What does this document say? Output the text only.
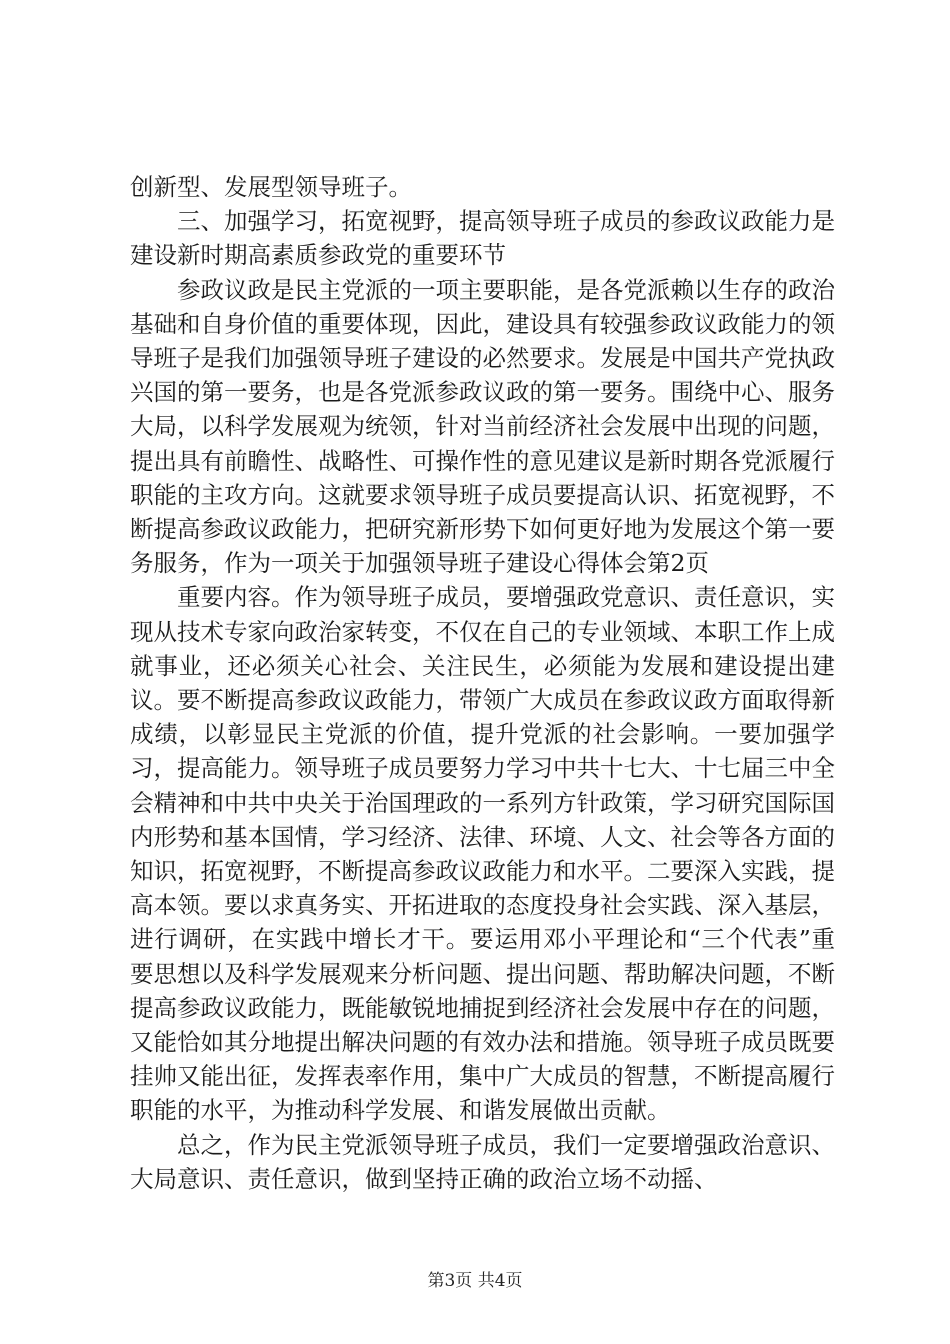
创新型、发展型领导班子。

三、加强学习，拓宽视野，提高领导班子成员的参政议政能力是建设新时期高素质参政党的重要环节

参政议政是民主党派的一项主要职能，是各党派赖以生存的政治基础和自身价值的重要体现，因此，建设具有较强参政议政能力的领导班子是我们加强领导班子建设的必然要求。发展是中国共产党执政兴国的第一要务，也是各党派参政议政的第一要务。围绕中心、服务大局，以科学发展观为统领，针对当前经济社会发展中出现的问题，提出具有前瞻性、战略性、可操作性的意见建议是新时期各党派履行职能的主攻方向。这就要求领导班子成员要提高认识、拓宽视野，不断提高参政议政能力，把研究新形势下如何更好地为发展这个第一要务服务，作为一项关于加强领导班子建设心得体会第2页

重要内容。作为领导班子成员，要增强政党意识、责任意识，实现从技术专家向政治家转变，不仅在自己的专业领域、本职工作上成就事业，还必须关心社会、关注民生，必须能为发展和建设提出建议。要不断提高参政议政能力，带领广大成员在参政议政方面取得新成绩，以彰显民主党派的价值，提升党派的社会影响。一要加强学习，提高能力。领导班子成员要努力学习中共十七大、十七届三中全会精神和中共中央关于治国理政的一系列方针政策，学习研究国际国内形势和基本国情，学习经济、法律、环境、人文、社会等各方面的知识，拓宽视野，不断提高参政议政能力和水平。二要深入实践，提高本领。要以求真务实、开拓进取的态度投身社会实践、深入基层，进行调研，在实践中增长才干。要运用邓小平理论和“三个代表”重要思想以及科学发展观来分析问题、提出问题、帮助解决问题，不断提高参政议政能力，既能敏锐地捕捉到经济社会发展中存在的问题，又能恰如其分地提出解决问题的有效办法和措施。领导班子成员既要挂帅又能出征，发挥表率作用，集中广大成员的智慧，不断提高履行职能的水平，为推动科学发展、和谐发展做出贡献。

总之，作为民主党派领导班子成员，我们一定要增强政治意识、大局意识、责任意识，做到坚持正确的政治立场不动摇、

第3页 共4页
